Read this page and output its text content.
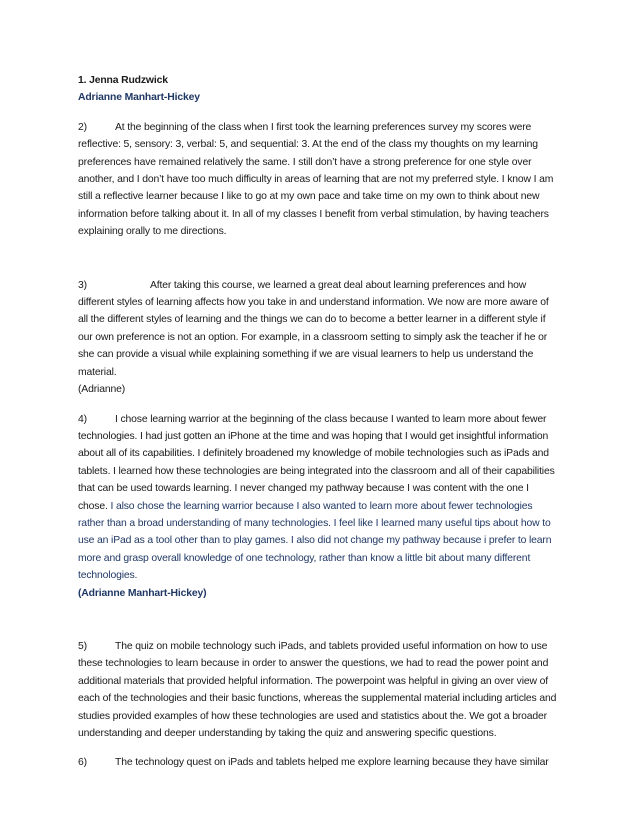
1. Jenna Rudzwick

Adrianne Manhart-Hickey

2)	At the beginning of the class when I first took the learning preferences survey my scores were reflective: 5, sensory: 3, verbal: 5, and sequential: 3. At the end of the class my thoughts on my learning preferences have remained relatively the same. I still don’t have a strong preference for one style over another, and I don’t have too much difficulty in areas of learning that are not my preferred style. I know I am still a reflective learner because I like to go at my own pace and take time on my own to think about new information before talking about it. In all of my classes I benefit from verbal stimulation, by having teachers explaining orally to me directions.

3)	After taking this course, we learned a great deal about learning preferences and how different styles of learning affects how you take in and understand information. We now are more aware of all the different styles of learning and the things we can do to become a better learner in a different style if our own preference is not an option. For example, in a classroom setting to simply ask the teacher if he or she can provide a visual while explaining something if we are visual learners to help us understand the material.

(Adrianne)

4)	I chose learning warrior at the beginning of the class because I wanted to learn more about fewer technologies. I had just gotten an iPhone at the time and was hoping that I would get insightful information about all of its capabilities. I definitely broadened my knowledge of mobile technologies such as iPads and tablets. I learned how these technologies are being integrated into the classroom and all of their capabilities that can be used towards learning. I never changed my pathway because I was content with the one I chose. I also chose the learning warrior because I also wanted to learn more about fewer technologies rather than a broad understanding of many technologies. I feel like I learned many useful tips about how to use an iPad as a tool other than to play games. I also did not change my pathway because i prefer to learn more and grasp overall knowledge of one technology, rather than know a little bit about many different technologies.

(Adrianne Manhart-Hickey)

5)	The quiz on mobile technology such iPads, and tablets provided useful information on how to use these technologies to learn because in order to answer the questions, we had to read the power point and additional materials that provided helpful information. The powerpoint was helpful in giving an over view of each of the technologies and their basic functions, whereas the supplemental material including articles and studies provided examples of how these technologies are used and statistics about the. We got a broader understanding and deeper understanding by taking the quiz and answering specific questions.

6)	The technology quest on iPads and tablets helped me explore learning because they have similar
